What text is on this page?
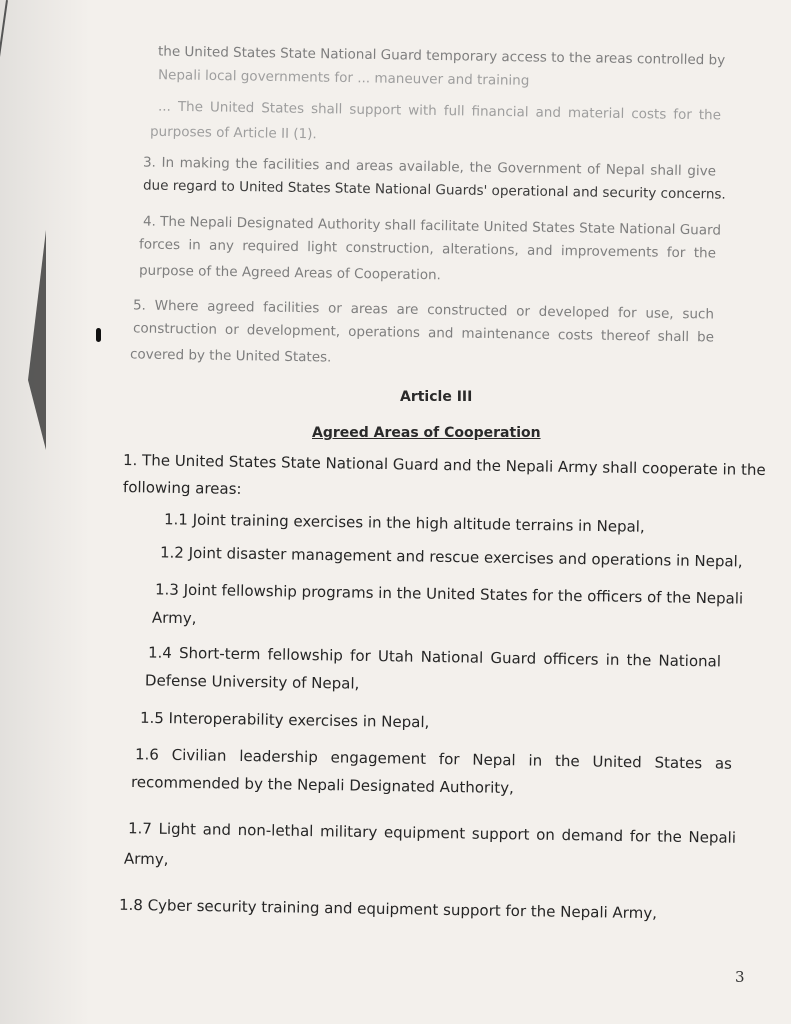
the United States State National Guard temporary access to the areas controlled by
Nepali local governments for ... maneuver and training
... The United States shall support with full financial and material costs for the
purposes of Article II (1).
3. In making the facilities and areas available, the Government of Nepal shall give
due regard to United States State National Guards' operational and security concerns.
4. The Nepali Designated Authority shall facilitate United States State National Guard
forces in any required light construction, alterations, and improvements for the
purpose of the Agreed Areas of Cooperation.
5. Where agreed facilities or areas are constructed or developed for use, such
construction or development, operations and maintenance costs thereof shall be
covered by the United States.
Article III
Agreed Areas of Cooperation
1. The United States State National Guard and the Nepali Army shall cooperate in the
following areas:
1.1 Joint training exercises in the high altitude terrains in Nepal,
1.2 Joint disaster management and rescue exercises and operations in Nepal,
1.3 Joint fellowship programs in the United States for the officers of the Nepali
Army,
1.4 Short-term fellowship for Utah National Guard officers in the National
Defense University of Nepal,
1.5 Interoperability exercises in Nepal,
1.6 Civilian leadership engagement for Nepal in the United States as
recommended by the Nepali Designated Authority,
1.7 Light and non-lethal military equipment support on demand for the Nepali
Army,
1.8 Cyber security training and equipment support for the Nepali Army,
3
